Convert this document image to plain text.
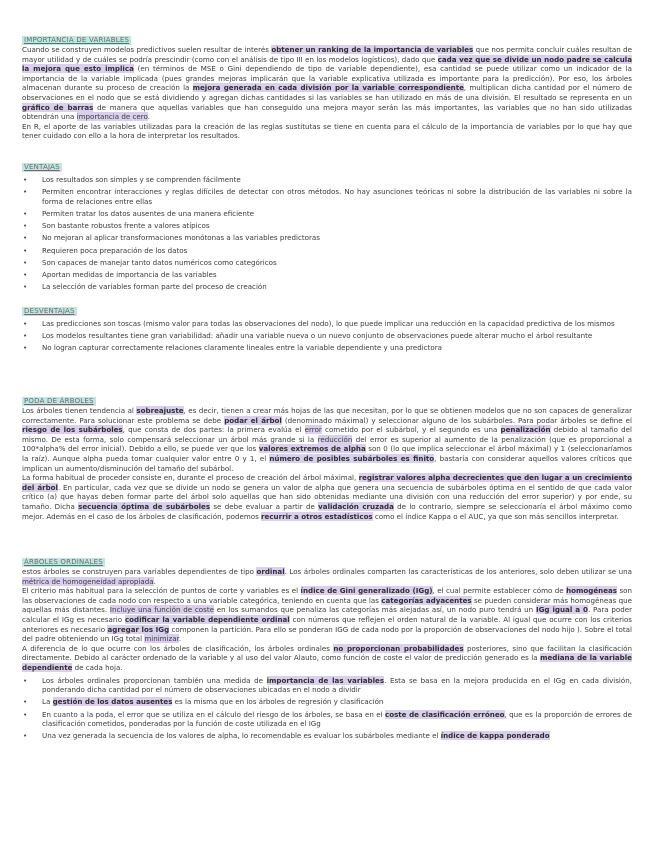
IMPORTANCIA DE VARIABLES

Cuando se construyen modelos predictivos suelen resultar de interés obtener un ranking de la importancia de variables que nos permita concluir cuáles resultan de mayor utilidad y de cuáles se podría prescindir (como con el análisis de tipo III en los modelos logísticos), dado que cada vez que se divide un nodo padre se calcula la mejora que esto implica (en términos de MSE o Gini dependiendo de tipo de variable dependiente), esa cantidad se puede utilizar como un indicador de la importancia de la variable implicada (pues grandes mejoras implicarán que la variable explicativa utilizada es importante para la predicción). Por eso, los árboles almacenan durante su proceso de creación la mejora generada en cada división por la variable correspondiente, multiplican dicha cantidad por el número de observaciones en el nodo que se está dividiendo y agregan dichas cantidades si las variables se han utilizado en más de una división. El resultado se representa en un gráfico de barras de manera que aquellas variables que han conseguido una mejora mayor serán las más importantes, las variables que no han sido utilizadas obtendrán una importancia de cero.

En R, el aporte de las variables utilizadas para la creación de las reglas sustitutas se tiene en cuenta para el cálculo de la importancia de variables por lo que hay que tener cuidado con ello a la hora de interpretar los resultados.

VENTAJAS
• Los resultados son simples y se comprenden fácilmente
• Permiten encontrar interacciones y reglas difíciles de detectar con otros métodos. No hay asunciones teóricas ni sobre la distribución de las variables ni sobre la forma de relaciones entre ellas
• Permiten tratar los datos ausentes de una manera eficiente
• Son bastante robustos frente a valores atípicos
• No mejoran al aplicar transformaciones monótonas a las variables predictoras
• Requieren poca preparación de los datos
• Son capaces de manejar tanto datos numéricos como categóricos
• Aportan medidas de importancia de las variables
• La selección de variables forman parte del proceso de creación
DESVENTAJAS
• Las predicciones son toscas (mismo valor para todas las observaciones del nodo), lo que puede implicar una reducción en la capacidad predictiva de los mismos
• Los modelos resultantes tiene gran variabilidad: añadir una variable nueva o un nuevo conjunto de observaciones puede alterar mucho el árbol resultante
• No logran capturar correctamente relaciones claramente lineales entre la variable dependiente y una predictora
PODA DE ÁRBOLES

Los árboles tienen tendencia al sobreajuste, es decir, tienen a crear más hojas de las que necesitan, por lo que se obtienen modelos que no son capaces de generalizar correctamente. Para solucionar este problema se debe podar el árbol (denominado máximal) y seleccionar alguno de los subárboles. Para podar árboles se define el riesgo de los subárboles, que consta de dos partes: la primera evalúa el error cometido por el subárbol, y el segundo es una penalización debido al tamaño del mismo. De esta forma, solo compensará seleccionar un árbol más grande si la reducción del error es superior al aumento de la penalización (que es proporcional a 100*alpha% del error inicial). Debido a ello, se puede ver que los valores extremos de alpha son 0 (lo que implica seleccionar el árbol máximal) y 1 (seleccionaríamos la raíz). Aunque alpha pueda tomar cualquier valor entre 0 y 1, el número de posibles subárboles es finito, bastaría con considerar aquellos valores críticos que implican un aumento/disminución del tamaño del subárbol.

La forma habitual de proceder consiste en, durante el proceso de creación del árbol máximal, registrar valores alpha decrecientes que den lugar a un crecimiento del árbol. En particular, cada vez que se divide un nodo se genera un valor de alpha que genera una secuencia de subárboles óptima en el sentido de que cada valor crítico (a) que hayas deben formar parte del árbol solo aquellas que han sido obtenidas mediante una división con una reducción del error superior) y por ende, su tamaño. Dicha secuencia óptima de subárboles se debe evaluar a partir de validación cruzada de lo contrario, siempre se seleccionaría el árbol máximo como mejor. Además en el caso de los árboles de clasificación, podemos recurrir a otros estadísticos como el índice Kappa o el AUC, ya que son más sencillos interpretar.

ÁRBOLES ORDINALES

estos árboles se construyen para variables dependientes de tipo ordinal. Los árboles ordinales comparten las características de los anteriores, solo deben utilizar se una métrica de homogeneidad apropiada.

El criterio más habitual para la selección de puntos de corte y variables es el índice de Gini generalizado (IGg), el cual permite establecer cómo de homogéneas son las observaciones de cada nodo con respecto a una variable categórica, teniendo en cuenta que las categorías adyacentes se pueden considerar más homogéneas que aquellas más distantes. Incluye una función de coste en los sumandos que penaliza las categorías más alejadas así, un nodo puro tendrá un IGg igual a 0. Para poder calcular el IGg es necesario codificar la variable dependiente ordinal con números que reflejen el orden natural de la variable. Al igual que ocurre con los criterios anteriores es necesario agregar los IGg componen la partición. Para ello se ponderan IGG de cada nodo por la proporción de observaciones del nodo hijo ). Sobre el total del padre obteniendo un IGg total minimizar.

A diferencia de lo que ocurre con los árboles de clasificación, los árboles ordinales no proporcionan probabilidades posteriores, sino que facilitan la clasificación directamente. Debido al carácter ordenado de la variable y al uso del valor Alauto, como función de coste el valor de predicción generado es la mediana de la variable dependiente de cada hoja.

• Los árboles ordinales proporcionan también una medida de importancia de las variables. Esta se basa en la mejora producida en el IGg en cada división, ponderando dicha cantidad por el número de observaciones ubicadas en el nodo a dividir
• La gestión de los datos ausentes es la misma que en los árboles de regresión y clasificación
• En cuanto a la poda, el error que se utiliza en el cálculo del riesgo de los árboles, se basa en el coste de clasificación erróneo, que es la proporción de errores de clasificación cometidos, ponderadas por la función de coste utilizada en el IGg
• Una vez generada la secuencia de los valores de alpha, lo recomendable es evaluar los subárboles mediante el índice de kappa ponderado
